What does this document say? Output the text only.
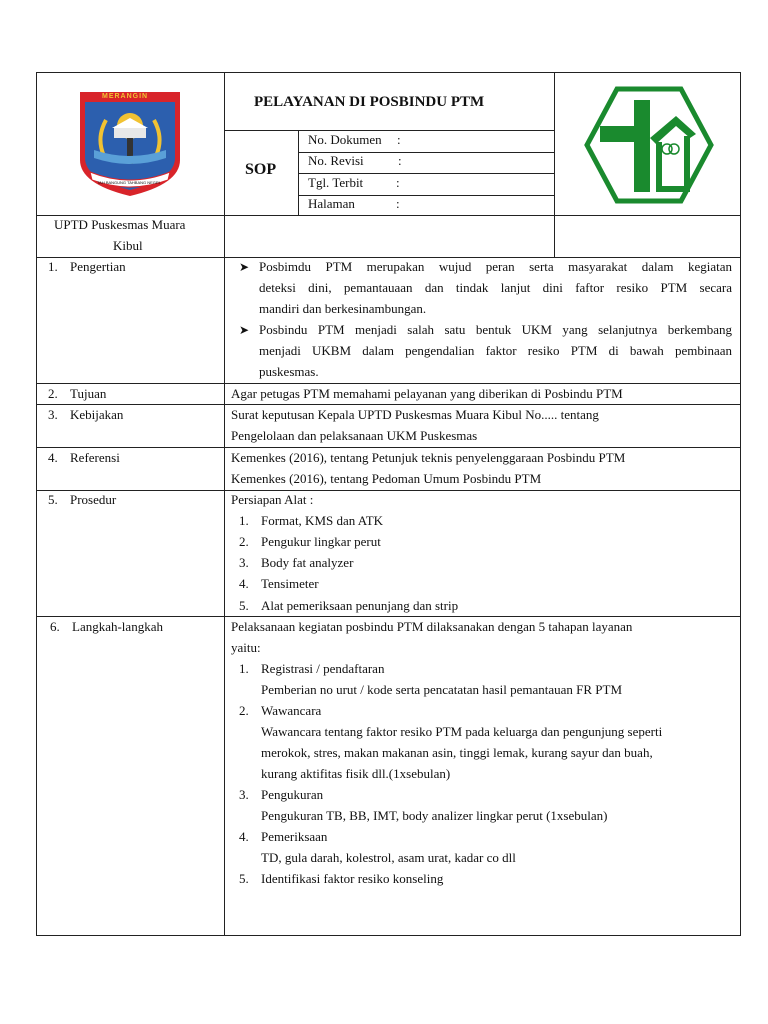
MERANGIN
TAH BANGUNG TAHBANG NEGRI
PELAYANAN DI POSBINDU PTM
SOP
No. Dokumen :
No. Revisi	:
Tgl. Terbit	:
Halaman	:
UPTD Puskesmas Muara
Kibul
1. Pengertian	➤ Posbimdu PTM merupakan wujud peran serta masyarakat dalam kegiatan
deteksi dini, pemantauaan dan tindak lanjut dini faftor resiko PTM secara
mandiri dan berkesinambungan.
➤ Posbindu PTM menjadi salah satu bentuk UKM yang selanjutnya berkembang
menjadi UKBM dalam pengendalian faktor resiko PTM di bawah pembinaan
puskesmas.
2. Tujuan	Agar petugas PTM memahami pelayanan yang diberikan di Posbindu PTM
3. Kebijakan	Surat keputusan Kepala UPTD Puskesmas Muara Kibul No..... tentang
Pengelolaan dan pelaksanaan UKM Puskesmas
4. Referensi	Kemenkes (2016), tentang Petunjuk teknis penyelenggaraan Posbindu PTM
Kemenkes (2016), tentang Pedoman Umum Posbindu PTM
5. Prosedur	Persiapan Alat :
1. Format, KMS dan ATK
2. Pengukur lingkar perut
3. Body fat analyzer
4. Tensimeter
5. Alat pemeriksaan penunjang dan strip
6. Langkah-langkah	Pelaksanaan kegiatan posbindu PTM dilaksanakan dengan 5 tahapan layanan
yaitu:
1. Registrasi / pendaftaran
Pemberian no urut / kode serta pencatatan hasil pemantauan FR PTM
2. Wawancara
Wawancara tentang faktor resiko PTM pada keluarga dan pengunjung seperti
merokok, stres, makan makanan asin, tinggi lemak, kurang sayur dan buah,
kurang aktifitas fisik dll.(1xsebulan)
3. Pengukuran
Pengukuran TB, BB, IMT, body analizer lingkar perut (1xsebulan)
4. Pemeriksaan
TD, gula darah, kolestrol, asam urat, kadar co dll
5. Identifikasi faktor resiko konseling
